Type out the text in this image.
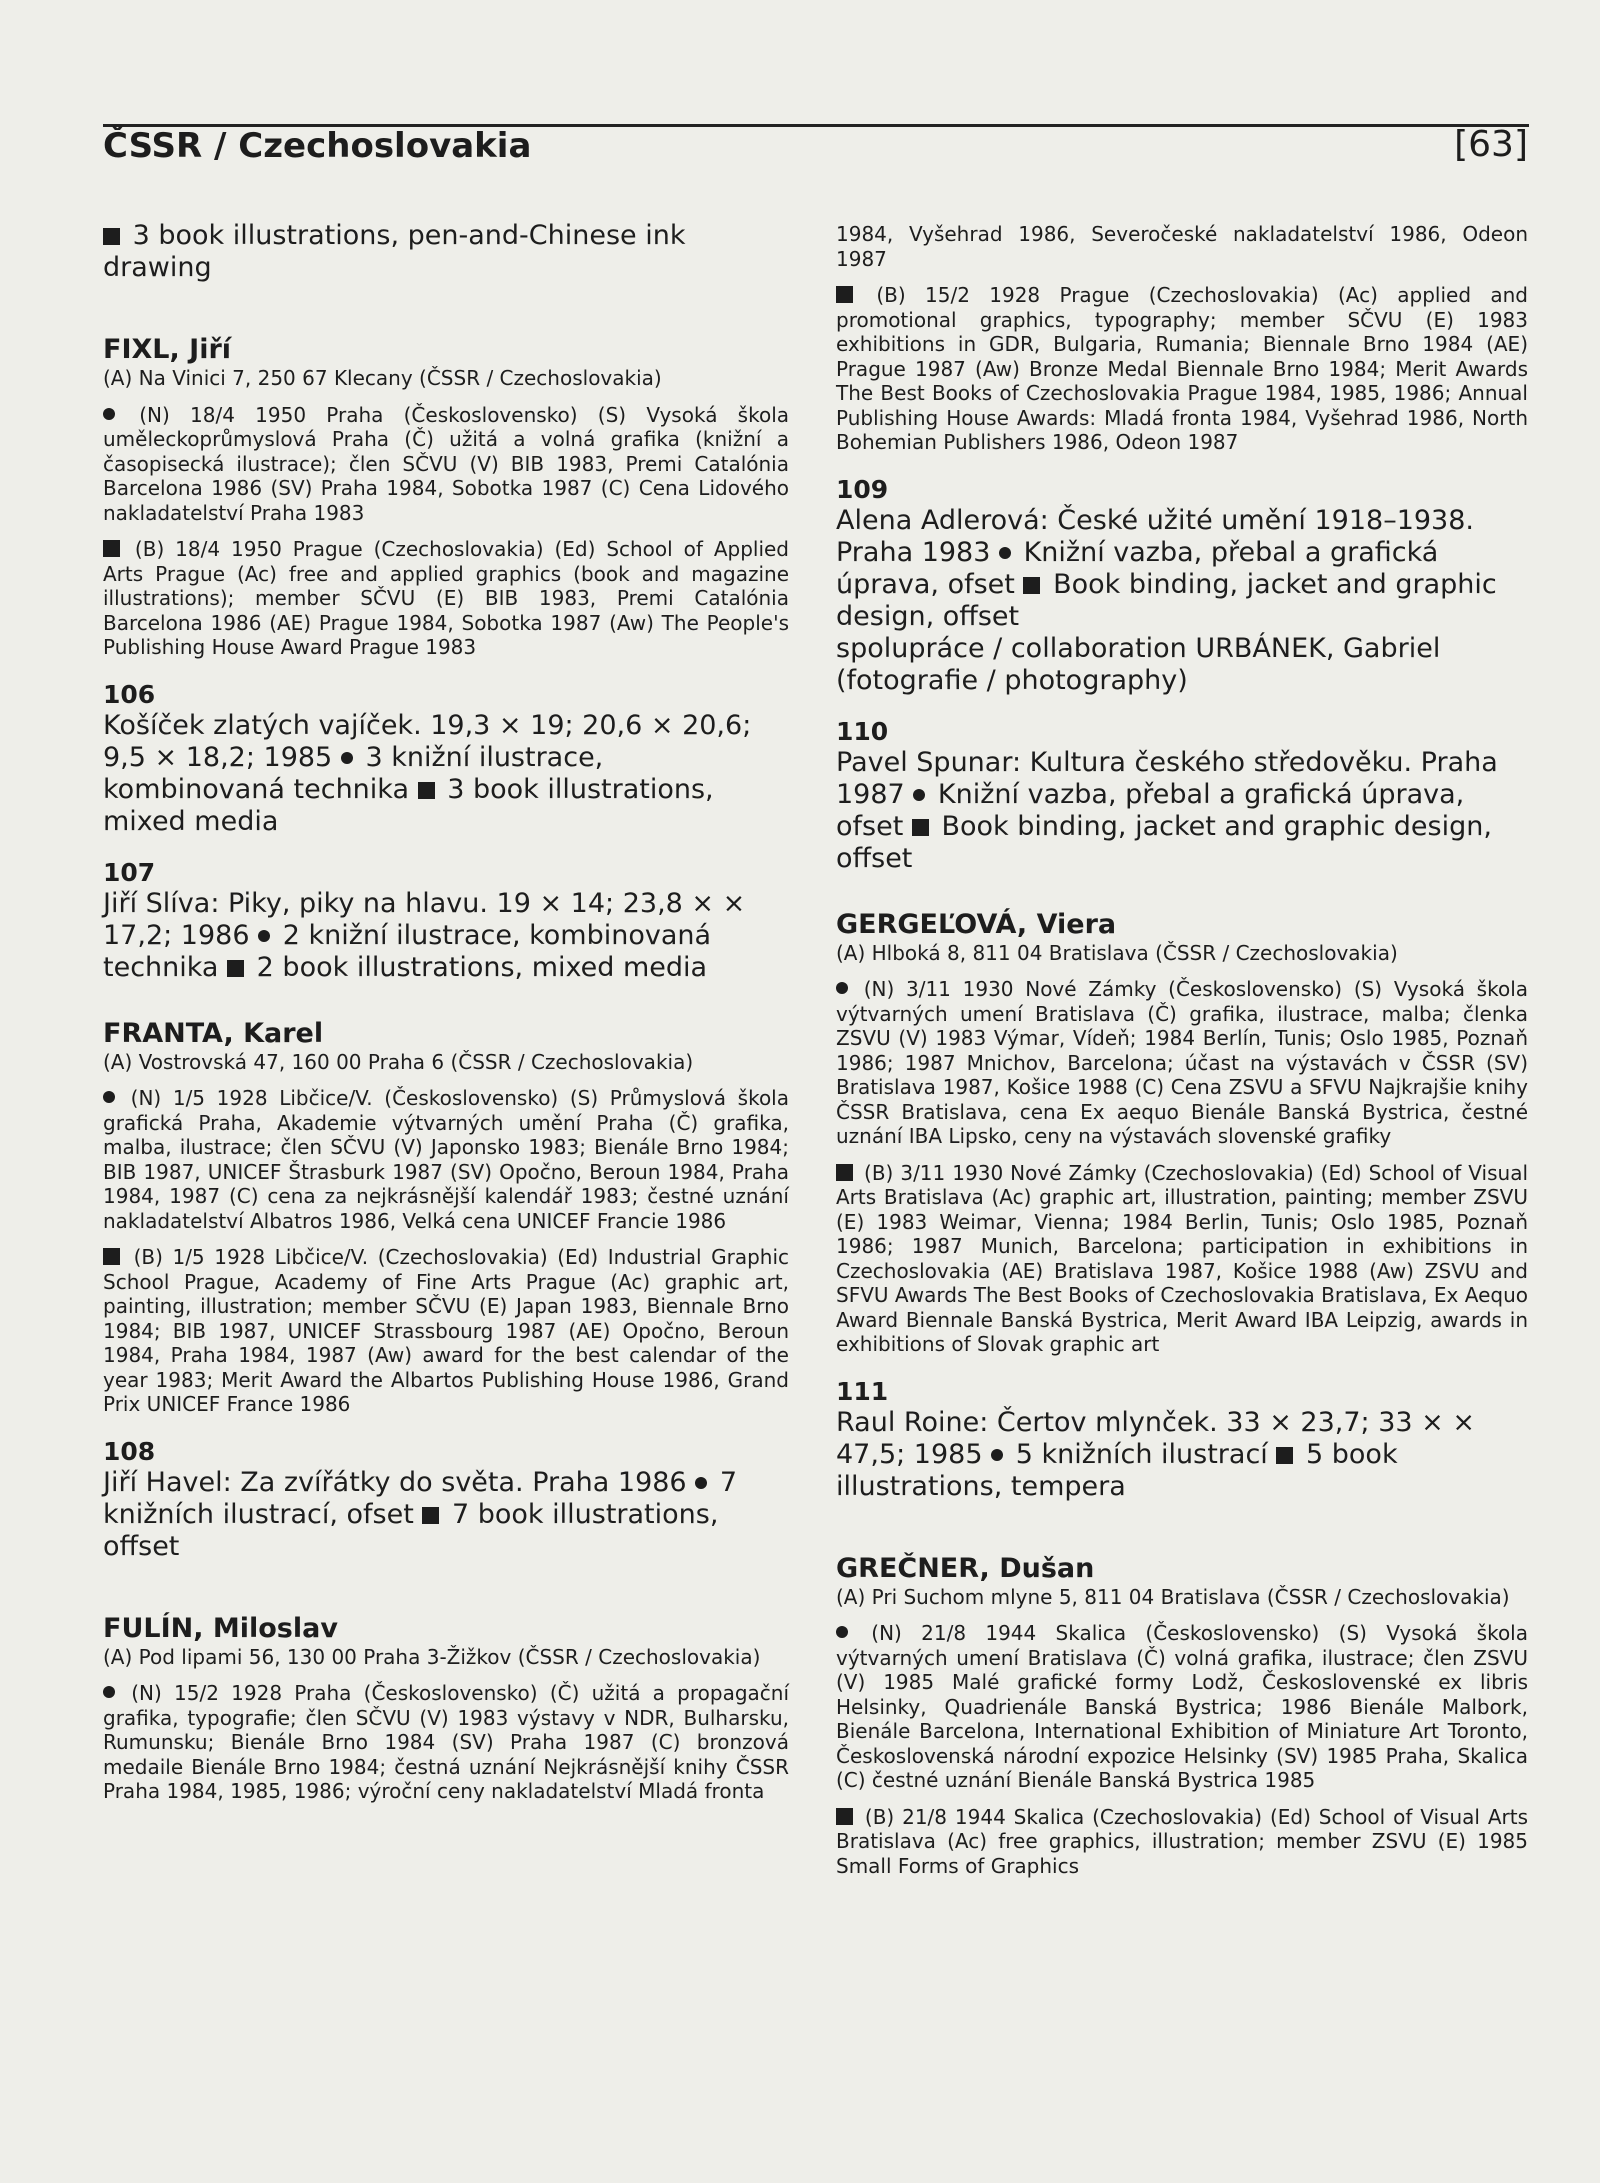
ČSSR / Czechoslovakia	[63]

3 book illustrations, pen-and-Chinese ink drawing

FIXL, Jiří

(A) Na Vinici 7, 250 67 Klecany (ČSSR / Czechoslovakia)

(N) 18/4 1950 Praha (Československo) (S) Vysoká škola uměleckoprůmyslová Praha (Č) užitá a volná grafika (knižní a časopisecká ilustrace); člen SČVU (V) BIB 1983, Premi Catalónia Barcelona 1986 (SV) Praha 1984, Sobotka 1987 (C) Cena Lidového nakladatelství Praha 1983

(B) 18/4 1950 Prague (Czechoslovakia) (Ed) School of Applied Arts Prague (Ac) free and applied graphics (book and magazine illustrations); member SČVU (E) BIB 1983, Premi Catalónia Barcelona 1986 (AE) Prague 1984, Sobotka 1987 (Aw) The People's Publishing House Award Prague 1983

106

Košíček zlatých vajíček. 19,3 × 19; 20,6 × 20,6; 9,5 × 18,2; 1985 3 knižní ilustrace, kombinovaná technika 3 book illustrations, mixed media

107

Jiří Slíva: Piky, piky na hlavu. 19 × 14; 23,8 × × 17,2; 1986 2 knižní ilustrace, kombinovaná technika 2 book illustrations, mixed media

FRANTA, Karel

(A) Vostrovská 47, 160 00 Praha 6 (ČSSR / Czechoslovakia)

(N) 1/5 1928 Libčice/V. (Československo) (S) Průmyslová škola grafická Praha, Akademie výtvarných umění Praha (Č) grafika, malba, ilustrace; člen SČVU (V) Japonsko 1983; Bienále Brno 1984; BIB 1987, UNICEF Štrasburk 1987 (SV) Opočno, Beroun 1984, Praha 1984, 1987 (C) cena za nejkrásnější kalendář 1983; čestné uznání nakladatelství Albatros 1986, Velká cena UNICEF Francie 1986

(B) 1/5 1928 Libčice/V. (Czechoslovakia) (Ed) Industrial Graphic School Prague, Academy of Fine Arts Prague (Ac) graphic art, painting, illustration; member SČVU (E) Japan 1983, Biennale Brno 1984; BIB 1987, UNICEF Strassbourg 1987 (AE) Opočno, Beroun 1984, Praha 1984, 1987 (Aw) award for the best calendar of the year 1983; Merit Award the Albartos Publishing House 1986, Grand Prix UNICEF France 1986

108

Jiří Havel: Za zvířátky do světa. Praha 1986 7 knižních ilustrací, ofset 7 book illustrations, offset

FULÍN, Miloslav

(A) Pod lipami 56, 130 00 Praha 3-Žižkov (ČSSR / Czechoslovakia)

(N) 15/2 1928 Praha (Československo) (Č) užitá a propagační grafika, typografie; člen SČVU (V) 1983 výstavy v NDR, Bulharsku, Rumunsku; Bienále Brno 1984 (SV) Praha 1987 (C) bronzová medaile Bienále Brno 1984; čestná uznání Nejkrásnější knihy ČSSR Praha 1984, 1985, 1986; výroční ceny nakladatelství Mladá fronta

1984, Vyšehrad 1986, Severočeské nakladatelství 1986, Odeon 1987

(B) 15/2 1928 Prague (Czechoslovakia) (Ac) applied and promotional graphics, typography; member SČVU (E) 1983 exhibitions in GDR, Bulgaria, Rumania; Biennale Brno 1984 (AE) Prague 1987 (Aw) Bronze Medal Biennale Brno 1984; Merit Awards The Best Books of Czechoslovakia Prague 1984, 1985, 1986; Annual Publishing House Awards: Mladá fronta 1984, Vyšehrad 1986, North Bohemian Publishers 1986, Odeon 1987

109

Alena Adlerová: České užité umění 1918–1938. Praha 1983 Knižní vazba, přebal a grafická úprava, ofset Book binding, jacket and graphic design, offset

spolupráce / collaboration URBÁNEK, Gabriel (fotografie / photography)

110

Pavel Spunar: Kultura českého středověku. Praha 1987 Knižní vazba, přebal a grafická úprava, ofset Book binding, jacket and graphic design, offset

GERGEĽOVÁ, Viera

(A) Hlboká 8, 811 04 Bratislava (ČSSR / Czechoslovakia)

(N) 3/11 1930 Nové Zámky (Československo) (S) Vysoká škola výtvarných umení Bratislava (Č) grafika, ilustrace, malba; členka ZSVU (V) 1983 Výmar, Vídeň; 1984 Berlín, Tunis; Oslo 1985, Poznaň 1986; 1987 Mnichov, Barcelona; účast na výstavách v ČSSR (SV) Bratislava 1987, Košice 1988 (C) Cena ZSVU a SFVU Najkrajšie knihy ČSSR Bratislava, cena Ex aequo Bienále Banská Bystrica, čestné uznání IBA Lipsko, ceny na výstavách slovenské grafiky

(B) 3/11 1930 Nové Zámky (Czechoslovakia) (Ed) School of Visual Arts Bratislava (Ac) graphic art, illustration, painting; member ZSVU (E) 1983 Weimar, Vienna; 1984 Berlin, Tunis; Oslo 1985, Poznaň 1986; 1987 Munich, Barcelona; participation in exhibitions in Czechoslovakia (AE) Bratislava 1987, Košice 1988 (Aw) ZSVU and SFVU Awards The Best Books of Czechoslovakia Bratislava, Ex Aequo Award Biennale Banská Bystrica, Merit Award IBA Leipzig, awards in exhibitions of Slovak graphic art

111

Raul Roine: Čertov mlynček. 33 × 23,7; 33 × × 47,5; 1985 5 knižních ilustrací 5 book illustrations, tempera

GREČNER, Dušan

(A) Pri Suchom mlyne 5, 811 04 Bratislava (ČSSR / Czechoslovakia)

(N) 21/8 1944 Skalica (Československo) (S) Vysoká škola výtvarných umení Bratislava (Č) volná grafika, ilustrace; člen ZSVU (V) 1985 Malé grafické formy Lodž, Československé ex libris Helsinky, Quadrienále Banská Bystrica; 1986 Bienále Malbork, Bienále Barcelona, International Exhibition of Miniature Art Toronto, Československá národní expozice Helsinky (SV) 1985 Praha, Skalica (C) čestné uznání Bienále Banská Bystrica 1985

(B) 21/8 1944 Skalica (Czechoslovakia) (Ed) School of Visual Arts Bratislava (Ac) free graphics, illustration; member ZSVU (E) 1985 Small Forms of Graphics
